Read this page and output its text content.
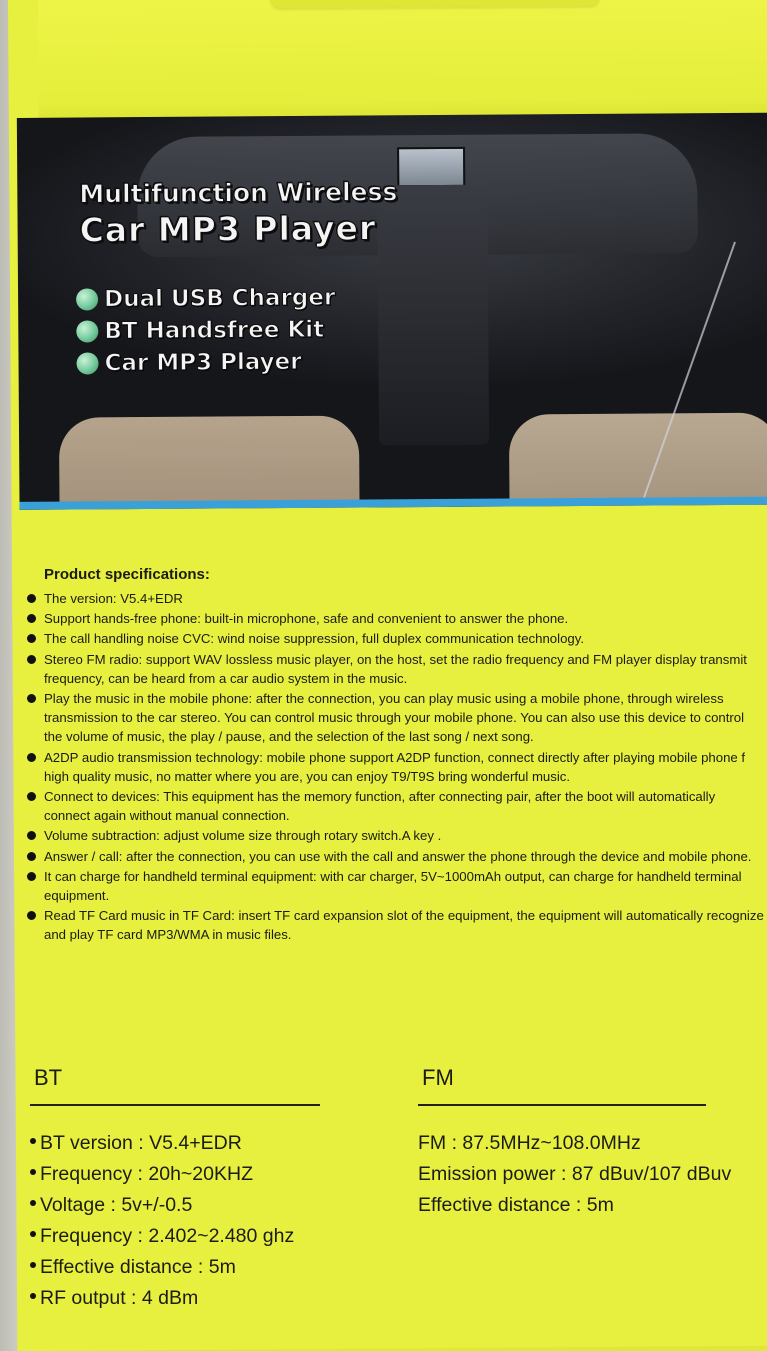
Multifunction Wireless
Car MP3 Player
Dual USB Charger
BT Handsfree Kit
Car MP3 Player
Product specifications:
The version: V5.4+EDR
Support hands-free phone: built-in microphone, safe and convenient to answer the phone.
The call handling noise CVC: wind noise suppression, full duplex communication technology.
Stereo FM radio: support WAV lossless music player, on the host, set the radio frequency and FM player display transmit frequency, can be heard from a car audio system in the music.
Play the music in the mobile phone: after the connection, you can play music using a mobile phone, through wireless transmission to the car stereo. You can control music through your mobile phone. You can also use this device to control the volume of music, the play / pause, and the selection of the last song / next song.
A2DP audio transmission technology: mobile phone support A2DP function, connect directly after playing mobile phone f high quality music, no matter where you are, you can enjoy T9/T9S bring wonderful music.
Connect to devices: This equipment has the memory function, after connecting pair, after the boot will automatically connect again without manual connection.
Volume subtraction: adjust volume size through rotary switch.A key .
Answer / call: after the connection, you can use with the call and answer the phone through the device and mobile phone.
It can charge for handheld terminal equipment: with car charger, 5V~1000mAh output, can charge for handheld terminal equipment.
Read TF Card music in TF Card: insert TF card expansion slot of the equipment, the equipment will automatically recognize and play TF card MP3/WMA in music files.
BT
BT version : V5.4+EDR
Frequency : 20h~20KHZ
Voltage : 5v+/-0.5
Frequency : 2.402~2.480 ghz
Effective distance : 5m
RF output : 4 dBm
FM
FM : 87.5MHz~108.0MHz
Emission power : 87 dBuv/107 dBuv
Effective distance : 5m
